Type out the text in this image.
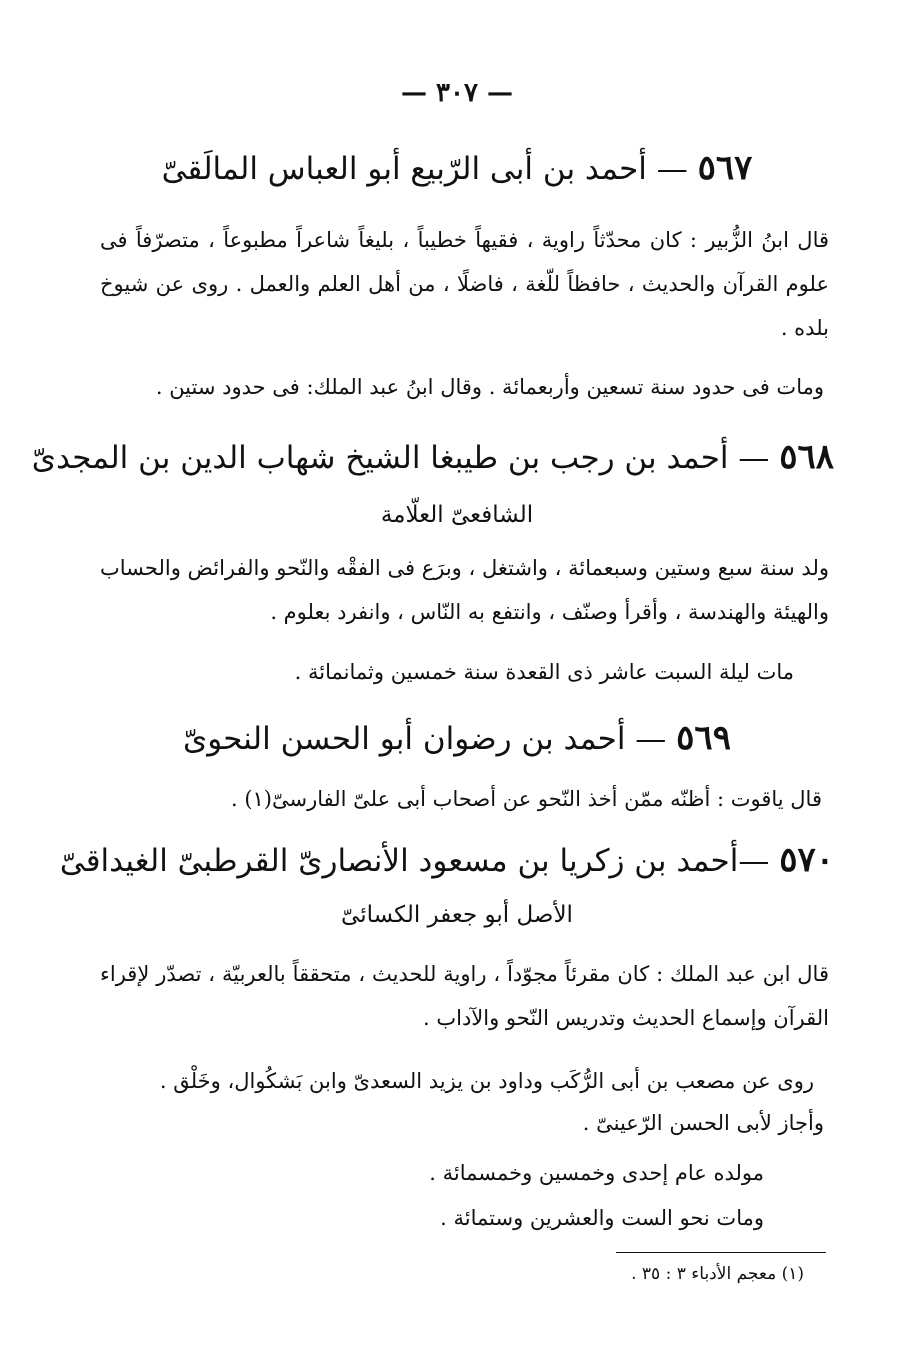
— ٣٠٧ —
٥٦٧ — أحمد بن أبى الرّبيع أبو العباس المالَقىّ
قال ابنُ الزُّبير : كان محدّثاً راوية ، فقيهاً خطيباً ، بليغاً شاعراً مطبوعاً ، متصرّفاً فى علوم القرآن والحديث ، حافظاً للّغة ، فاضلًا ، من أهل العلم والعمل . روى عن شيوخ بلده .
ومات فى حدود سنة تسعين وأربعمائة . وقال ابنُ عبد الملك: فى حدود ستين .
٥٦٨ — أحمد بن رجب بن طيبغا الشيخ شهاب الدين بن المجدىّ
الشافعىّ العلّامة
ولد سنة سبع وستين وسبعمائة ، واشتغل ، وبرَع فى الفقْه والنّحو والفرائض والحساب والهيئة والهندسة ، وأقرأ وصنّف ، وانتفع به النّاس ، وانفرد بعلوم .
مات ليلة السبت عاشر ذى القعدة سنة خمسين وثمانمائة .
٥٦٩ — أحمد بن رضوان أبو الحسن النحوىّ
قال ياقوت : أظنّه ممّن أخذ النّحو عن أصحاب أبى علىّ الفارسىّ(١) .
٥٧٠ —أحمد بن زكريا بن مسعود الأنصارىّ القرطبىّ الغيداقىّ
الأصل أبو جعفر الكسائىّ
قال ابن عبد الملك : كان مقرئاً مجوّداً ، راوية للحديث ، متحققاً بالعربيّة ، تصدّر لإقراء القرآن وإسماع الحديث وتدريس النّحو والآداب .
روى عن مصعب بن أبى الرُّكَب وداود بن يزيد السعدىّ وابن بَشكُوال، وخَلْق .
وأجاز لأبى الحسن الرّعينىّ .
مولده عام إحدى وخمسين وخمسمائة .
ومات نحو الست والعشرين وستمائة .
(١) معجم الأدباء ٣ : ٣٥ .
